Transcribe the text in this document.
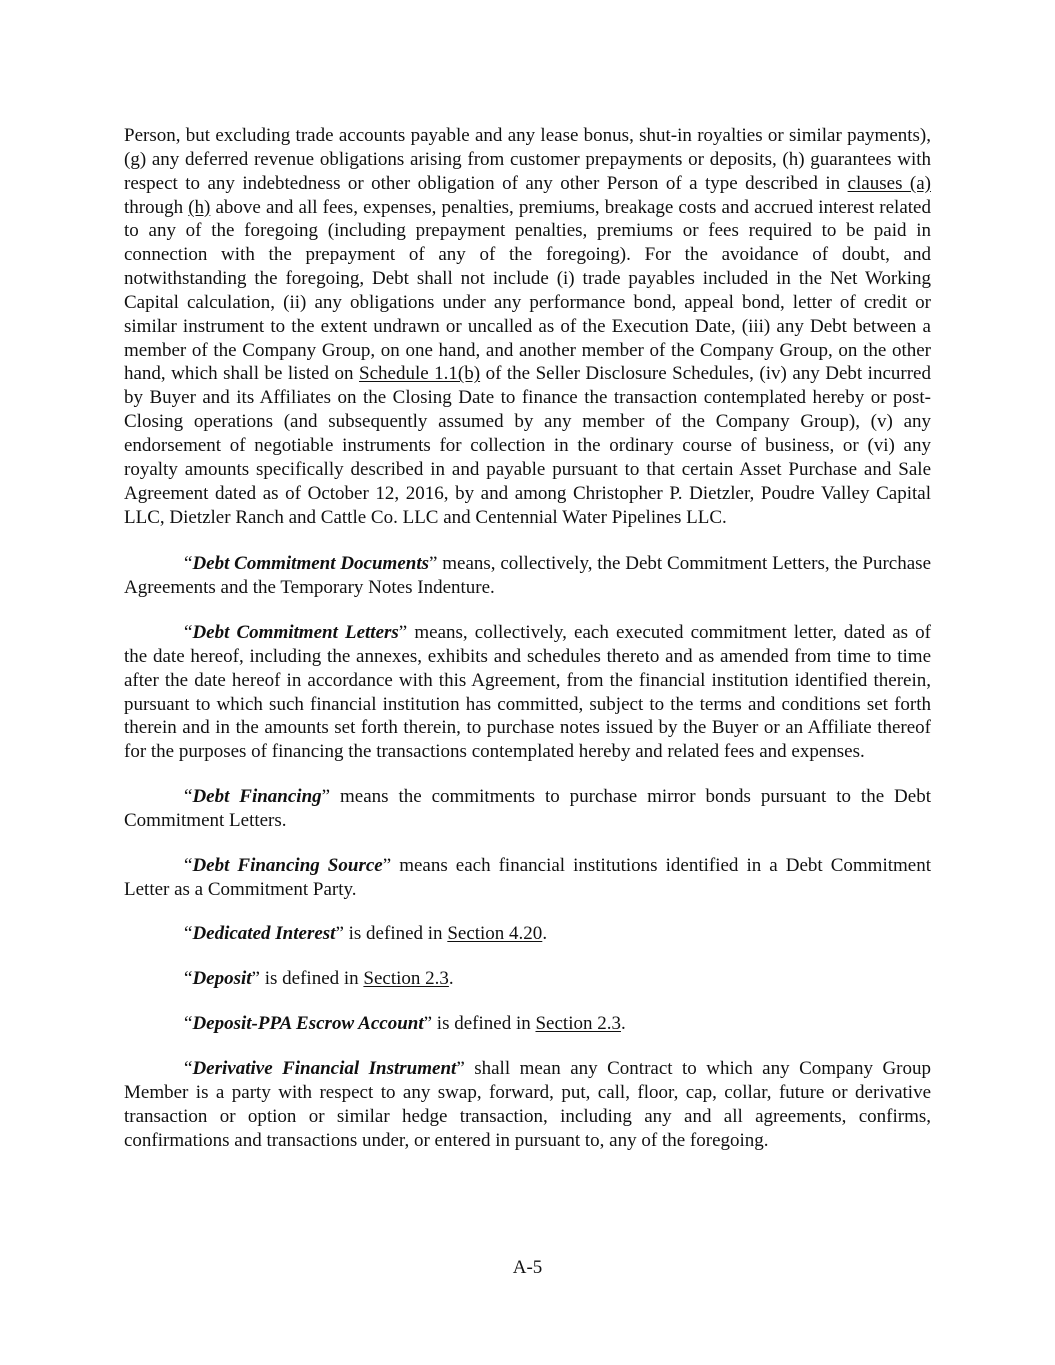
Person, but excluding trade accounts payable and any lease bonus, shut-in royalties or similar payments), (g) any deferred revenue obligations arising from customer prepayments or deposits, (h) guarantees with respect to any indebtedness or other obligation of any other Person of a type described in clauses (a) through (h) above and all fees, expenses, penalties, premiums, breakage costs and accrued interest related to any of the foregoing (including prepayment penalties, premiums or fees required to be paid in connection with the prepayment of any of the foregoing). For the avoidance of doubt, and notwithstanding the foregoing, Debt shall not include (i) trade payables included in the Net Working Capital calculation, (ii) any obligations under any performance bond, appeal bond, letter of credit or similar instrument to the extent undrawn or uncalled as of the Execution Date, (iii) any Debt between a member of the Company Group, on one hand, and another member of the Company Group, on the other hand, which shall be listed on Schedule 1.1(b) of the Seller Disclosure Schedules, (iv) any Debt incurred by Buyer and its Affiliates on the Closing Date to finance the transaction contemplated hereby or post-Closing operations (and subsequently assumed by any member of the Company Group), (v) any endorsement of negotiable instruments for collection in the ordinary course of business, or (vi) any royalty amounts specifically described in and payable pursuant to that certain Asset Purchase and Sale Agreement dated as of October 12, 2016, by and among Christopher P. Dietzler, Poudre Valley Capital LLC, Dietzler Ranch and Cattle Co. LLC and Centennial Water Pipelines LLC.

“Debt Commitment Documents” means, collectively, the Debt Commitment Letters, the Purchase Agreements and the Temporary Notes Indenture.

“Debt Commitment Letters” means, collectively, each executed commitment letter, dated as of the date hereof, including the annexes, exhibits and schedules thereto and as amended from time to time after the date hereof in accordance with this Agreement, from the financial institution identified therein, pursuant to which such financial institution has committed, subject to the terms and conditions set forth therein and in the amounts set forth therein, to purchase notes issued by the Buyer or an Affiliate thereof for the purposes of financing the transactions contemplated hereby and related fees and expenses.

“Debt Financing” means the commitments to purchase mirror bonds pursuant to the Debt Commitment Letters.

“Debt Financing Source” means each financial institutions identified in a Debt Commitment Letter as a Commitment Party.

“Dedicated Interest” is defined in Section 4.20.

“Deposit” is defined in Section 2.3.

“Deposit-PPA Escrow Account” is defined in Section 2.3.

“Derivative Financial Instrument” shall mean any Contract to which any Company Group Member is a party with respect to any swap, forward, put, call, floor, cap, collar, future or derivative transaction or option or similar hedge transaction, including any and all agreements, confirms, confirmations and transactions under, or entered in pursuant to, any of the foregoing.

A-5
